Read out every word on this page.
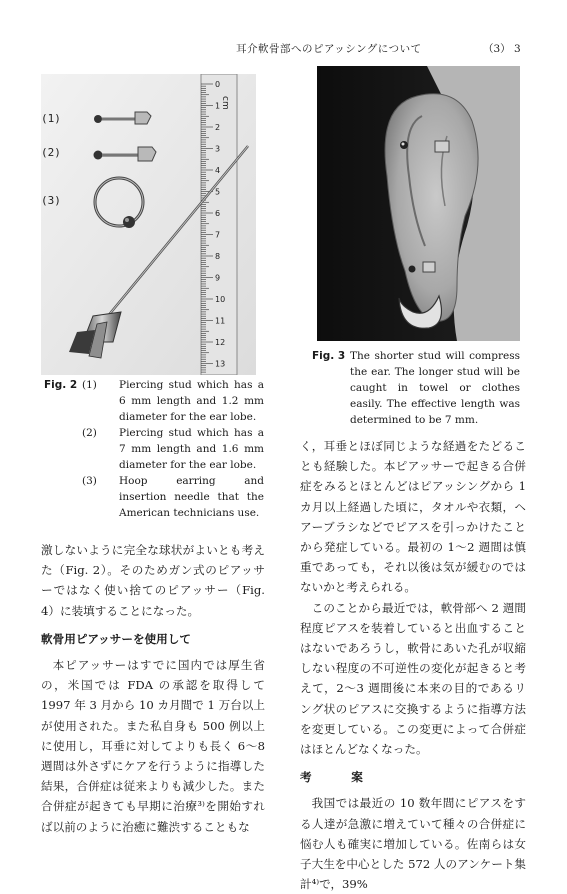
耳介軟骨部へのピアッシングについて	（3） 3
cm
0
1
2
3
4
5
6
7
8
9
10
11
12
13
(1)
(2)
(3)
Fig. 3 The shorter stud will compress the ear. The longer stud will be caught in towel or clothes easily. The effective length was determined to be 7 mm.
Fig. 2 (1) Piercing stud which has a 6 mm length and 1.2 mm diameter for the ear lobe.
(2) Piercing stud which has a 7 mm length and 1.6 mm diameter for the ear lobe.
(3) Hoop earring and insertion needle that the American technicians use.

激しないように完全な球状がよいとも考えた（Fig. 2）。そのためガン式のピアッサーではなく使い捨てのピアッサー（Fig. 4）に装填することになった。

軟骨用ピアッサーを使用して

本ピアッサーはすでに国内では厚生省の，米国では FDA の承認を取得して 1997 年 3 月から 10 カ月間で 1 万台以上が使用された。また私自身も 500 例以上に使用し，耳垂に対してよりも長く 6～8 週間は外さずにケアを行うように指導した結果，合併症は従来よりも減少した。また合併症が起きても早期に治療³⁾を開始すれば以前のように治癒に難渋することもな

く，耳垂とほぼ同じような経過をたどることも経験した。本ピアッサーで起きる合併症をみるとほとんどはピアッシングから 1 カ月以上経過した頃に，タオルや衣類，ヘアーブラシなどでピアスを引っかけたことから発症している。最初の 1～2 週間は慎重であっても，それ以後は気が緩むのではないかと考えられる。

このことから最近では，軟骨部へ 2 週間程度ピアスを装着していると出血することはないであろうし，軟骨にあいた孔が収縮しない程度の不可逆性の変化が起きると考えて，2～3 週間後に本来の目的であるリング状のピアスに交換するように指導方法を変更している。この変更によって合併症はほとんどなくなった。

考　案

我国では最近の 10 数年間にピアスをする人達が急激に増えていて種々の合併症に悩む人も確実に増加している。佐南らは女子大生を中心とした 572 人のアンケート集計⁴⁾で，39%
